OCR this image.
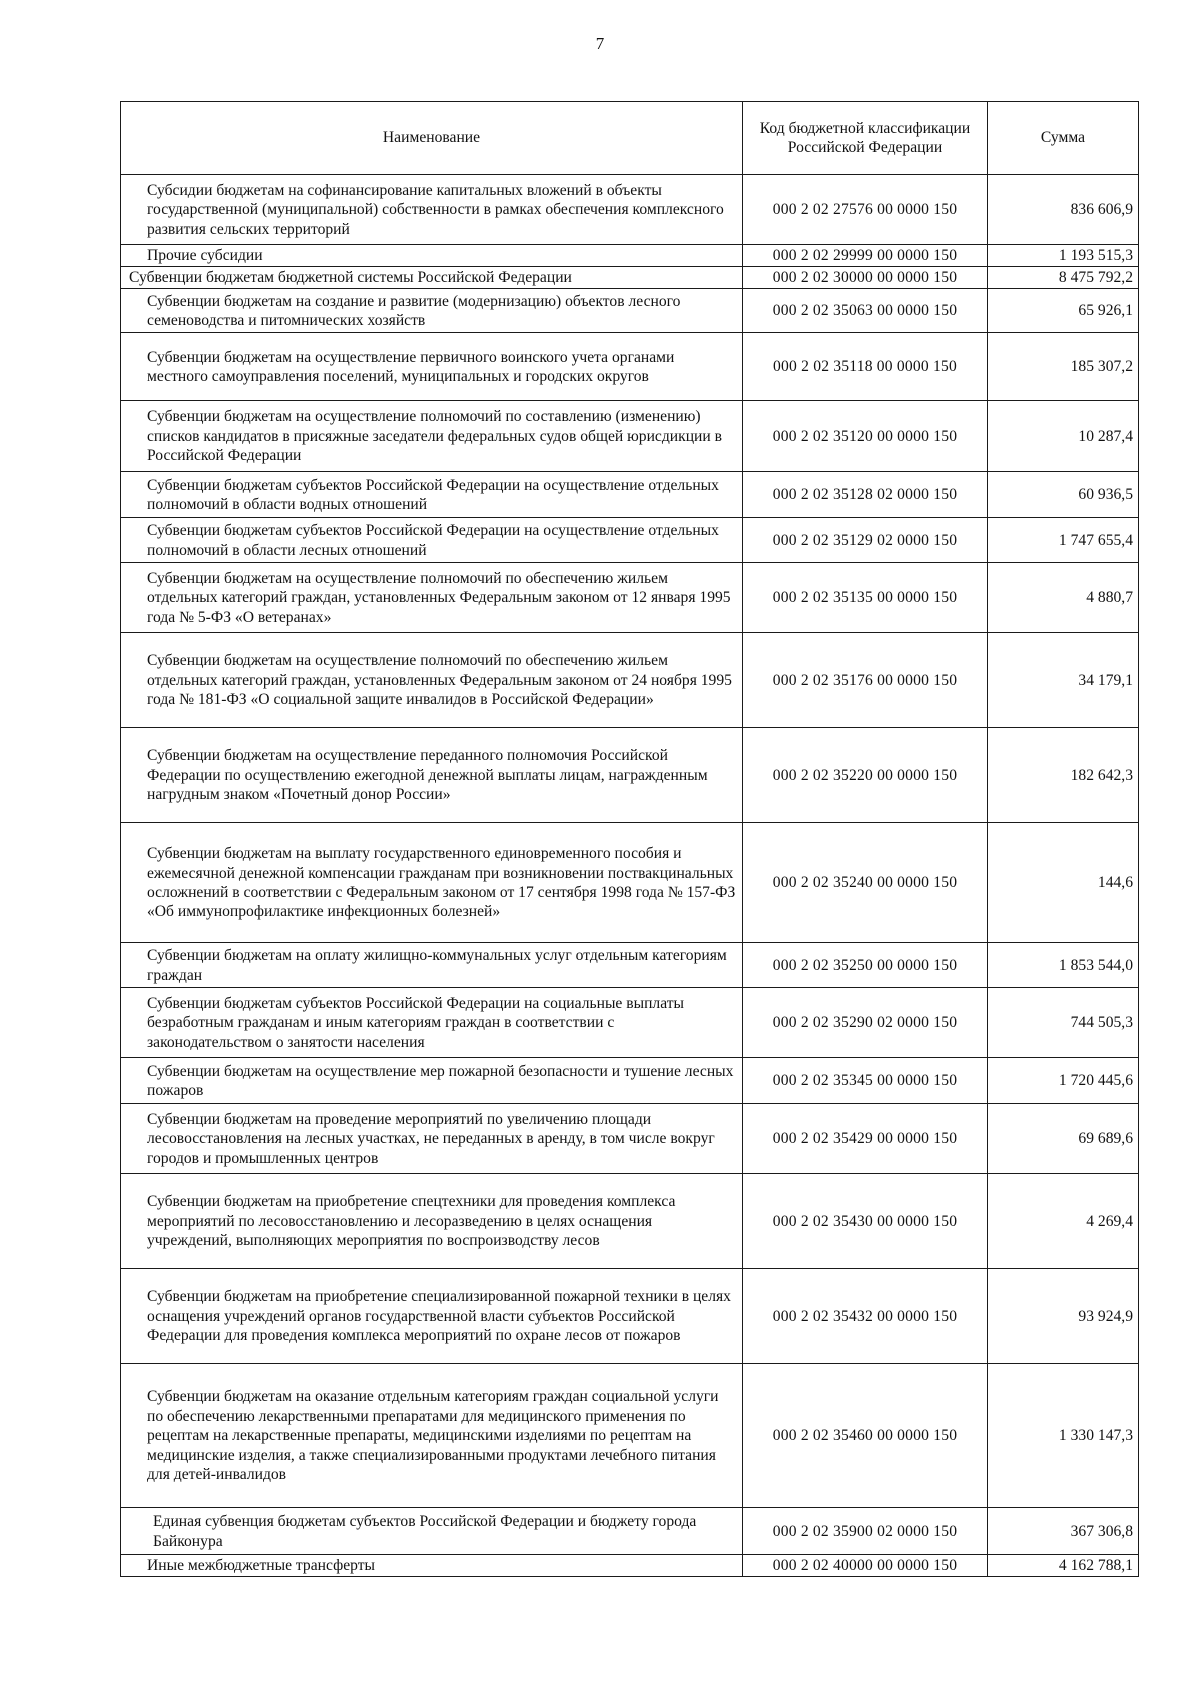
7
Наименование	Код бюджетной классификации Российской Федерации	Сумма
Субсидии бюджетам на софинансирование капитальных вложений в объекты государственной (муниципальной) собственности в рамках обеспечения комплексного развития сельских территорий	000 2 02 27576 00 0000 150	836 606,9
Прочие субсидии	000 2 02 29999 00 0000 150	1 193 515,3
Субвенции бюджетам бюджетной системы Российской Федерации	000 2 02 30000 00 0000 150	8 475 792,2
Субвенции бюджетам на создание и развитие (модернизацию) объектов лесного семеноводства и питомнических хозяйств	000 2 02 35063 00 0000 150	65 926,1
Субвенции бюджетам на осуществление первичного воинского учета органами местного самоуправления поселений, муниципальных и городских округов	000 2 02 35118 00 0000 150	185 307,2
Субвенции бюджетам на осуществление полномочий по составлению (изменению) списков кандидатов в присяжные заседатели федеральных судов общей юрисдикции в Российской Федерации	000 2 02 35120 00 0000 150	10 287,4
Субвенции бюджетам субъектов Российской Федерации на осуществление отдельных полномочий в области водных отношений	000 2 02 35128 02 0000 150	60 936,5
Субвенции бюджетам субъектов Российской Федерации на осуществление отдельных полномочий в области лесных отношений	000 2 02 35129 02 0000 150	1 747 655,4
Субвенции бюджетам на осуществление полномочий по обеспечению жильем отдельных категорий граждан, установленных Федеральным законом от 12 января 1995 года № 5-ФЗ «О ветеранах»	000 2 02 35135 00 0000 150	4 880,7
Субвенции бюджетам на осуществление полномочий по обеспечению жильем отдельных категорий граждан, установленных Федеральным законом от 24 ноября 1995 года № 181-ФЗ «О социальной защите инвалидов в Российской Федерации»	000 2 02 35176 00 0000 150	34 179,1
Субвенции бюджетам на осуществление переданного полномочия Российской Федерации по осуществлению ежегодной денежной выплаты лицам, награжденным нагрудным знаком «Почетный донор России»	000 2 02 35220 00 0000 150	182 642,3
Субвенции бюджетам на выплату государственного единовременного пособия и ежемесячной денежной компенсации гражданам при возникновении поствакцинальных осложнений в соответствии с Федеральным законом от 17 сентября 1998 года № 157-ФЗ «Об иммунопрофилактике инфекционных болезней»	000 2 02 35240 00 0000 150	144,6
Субвенции бюджетам на оплату жилищно-коммунальных услуг отдельным категориям граждан	000 2 02 35250 00 0000 150	1 853 544,0
Субвенции бюджетам субъектов Российской Федерации на социальные выплаты безработным гражданам и иным категориям граждан в соответствии с законодательством о занятости населения	000 2 02 35290 02 0000 150	744 505,3
Субвенции бюджетам на осуществление мер пожарной безопасности и тушение лесных пожаров	000 2 02 35345 00 0000 150	1 720 445,6
Субвенции бюджетам на проведение мероприятий по увеличению площади лесовосстановления на лесных участках, не переданных в аренду, в том числе вокруг городов и промышленных центров	000 2 02 35429 00 0000 150	69 689,6
Субвенции бюджетам на приобретение спецтехники для проведения комплекса мероприятий по лесовосстановлению и лесоразведению в целях оснащения учреждений, выполняющих мероприятия по воспроизводству лесов	000 2 02 35430 00 0000 150	4 269,4
Субвенции бюджетам на приобретение специализированной пожарной техники в целях оснащения учреждений органов государственной власти субъектов Российской Федерации для проведения комплекса мероприятий по охране лесов от пожаров	000 2 02 35432 00 0000 150	93 924,9
Субвенции бюджетам на оказание отдельным категориям граждан социальной услуги по обеспечению лекарственными препаратами для медицинского применения по рецептам на лекарственные препараты, медицинскими изделиями по рецептам на медицинские изделия, а также специализированными продуктами лечебного питания для детей-инвалидов	000 2 02 35460 00 0000 150	1 330 147,3
Единая субвенция бюджетам субъектов Российской Федерации и бюджету города Байконура	000 2 02 35900 02 0000 150	367 306,8
Иные межбюджетные трансферты	000 2 02 40000 00 0000 150	4 162 788,1
